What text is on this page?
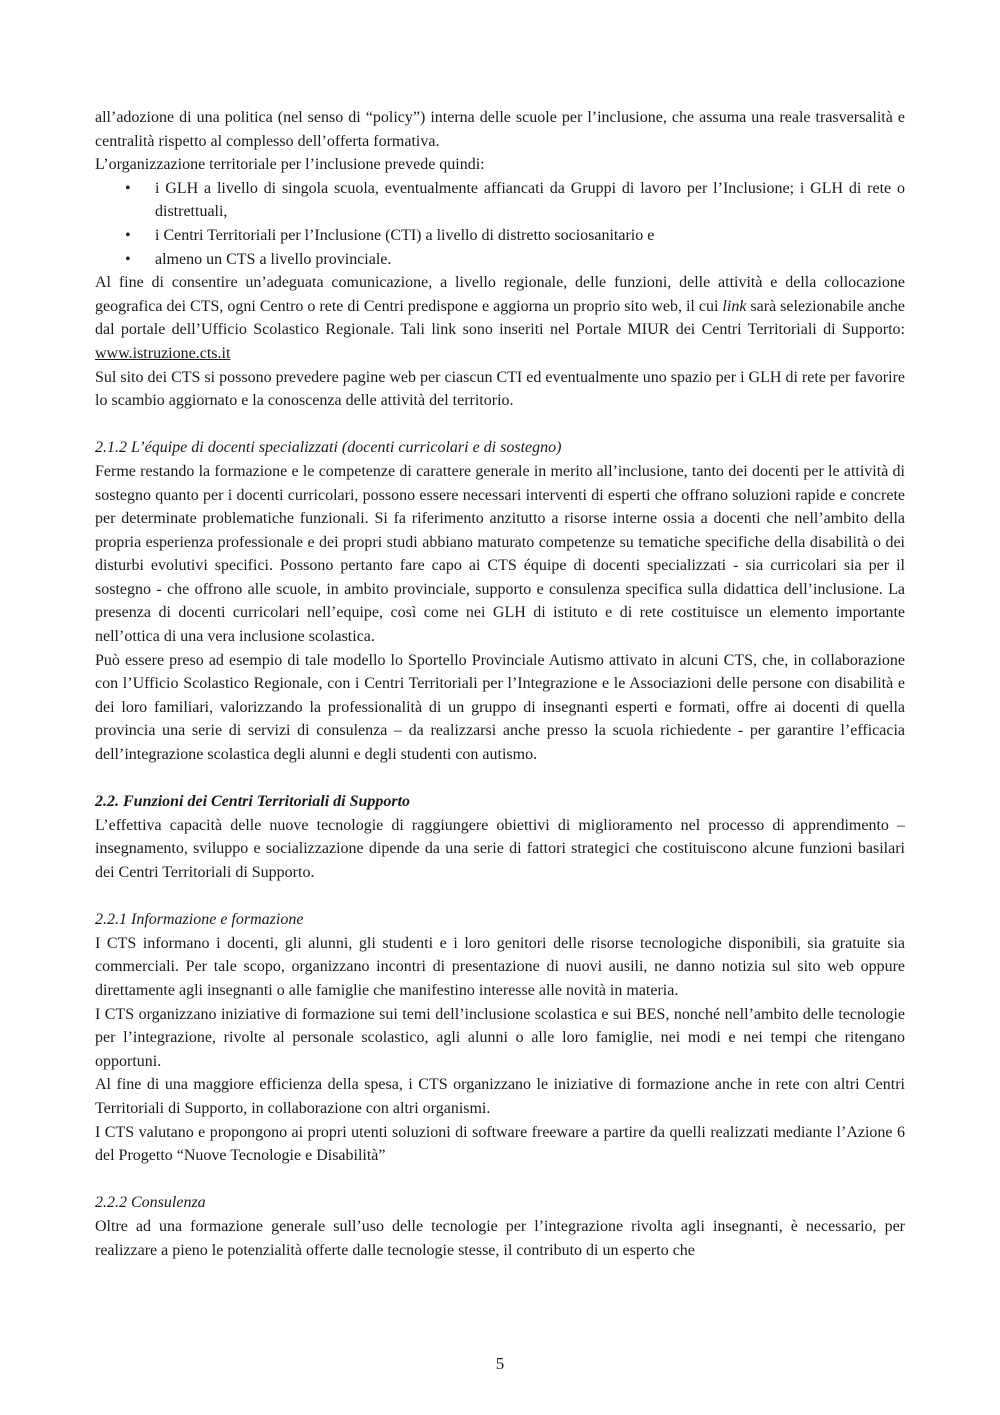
all’adozione di una politica (nel senso di “policy”) interna delle scuole per l’inclusione, che assuma una reale trasversalità e centralità rispetto al complesso dell’offerta formativa.

L’organizzazione territoriale per l’inclusione prevede quindi:

•	i GLH a livello di singola scuola, eventualmente affiancati da Gruppi di lavoro per l’Inclusione; i GLH di rete o distrettuali,
•	i Centri Territoriali per l’Inclusione (CTI) a livello di distretto sociosanitario e
•	almeno un CTS a livello provinciale.

Al fine di consentire un’adeguata comunicazione, a livello regionale, delle funzioni, delle attività e della collocazione geografica dei CTS, ogni Centro o rete di Centri predispone e aggiorna un proprio sito web, il cui link sarà selezionabile anche dal portale dell’Ufficio Scolastico Regionale. Tali link sono inseriti nel Portale MIUR dei Centri Territoriali di Supporto: www.istruzione.cts.it

Sul sito dei CTS si possono prevedere pagine web per ciascun CTI ed eventualmente uno spazio per i GLH di rete per favorire lo scambio aggiornato e la conoscenza delle attività del territorio.

2.1.2 L’équipe di docenti specializzati (docenti curricolari e di sostegno)

Ferme restando la formazione e le competenze di carattere generale in merito all’inclusione, tanto dei docenti per le attività di sostegno quanto per i docenti curricolari, possono essere necessari interventi di esperti che offrano soluzioni rapide e concrete per determinate problematiche funzionali. Si fa riferimento anzitutto a risorse interne ossia a docenti che nell’ambito della propria esperienza professionale e dei propri studi abbiano maturato competenze su tematiche specifiche della disabilità o dei disturbi evolutivi specifici. Possono pertanto fare capo ai CTS équipe di docenti specializzati - sia curricolari sia per il sostegno - che offrono alle scuole, in ambito provinciale, supporto e consulenza specifica sulla didattica dell’inclusione. La presenza di docenti curricolari nell’equipe, così come nei GLH di istituto e di rete costituisce un elemento importante nell’ottica di una vera inclusione scolastica.

Può essere preso ad esempio di tale modello lo Sportello Provinciale Autismo attivato in alcuni CTS, che, in collaborazione con l’Ufficio Scolastico Regionale, con i Centri Territoriali per l’Integrazione e le Associazioni delle persone con disabilità e dei loro familiari, valorizzando la professionalità di un gruppo di insegnanti esperti e formati, offre ai docenti di quella provincia una serie di servizi di consulenza – da realizzarsi anche presso la scuola richiedente - per garantire l’efficacia dell’integrazione scolastica degli alunni e degli studenti con autismo.

2.2. Funzioni dei Centri Territoriali di Supporto

L’effettiva capacità delle nuove tecnologie di raggiungere obiettivi di miglioramento nel processo di apprendimento – insegnamento, sviluppo e socializzazione dipende da una serie di fattori strategici che costituiscono alcune funzioni basilari dei Centri Territoriali di Supporto.

2.2.1 Informazione e formazione

I CTS informano i docenti, gli alunni, gli studenti e i loro genitori delle risorse tecnologiche disponibili, sia gratuite sia commerciali. Per tale scopo, organizzano incontri di presentazione di nuovi ausili, ne danno notizia sul sito web oppure direttamente agli insegnanti o alle famiglie che manifestino interesse alle novità in materia.

I CTS organizzano iniziative di formazione sui temi dell’inclusione scolastica e sui BES, nonché nell’ambito delle tecnologie per l’integrazione, rivolte al personale scolastico, agli alunni o alle loro famiglie, nei modi e nei tempi che ritengano opportuni.

Al fine di una maggiore efficienza della spesa, i CTS organizzano le iniziative di formazione anche in rete con altri Centri Territoriali di Supporto, in collaborazione con altri organismi.

I CTS valutano e propongono ai propri utenti soluzioni di software freeware a partire da quelli realizzati mediante l’Azione 6 del Progetto “Nuove Tecnologie e Disabilità”

2.2.2 Consulenza

Oltre ad una formazione generale sull’uso delle tecnologie per l’integrazione rivolta agli insegnanti, è necessario, per realizzare a pieno le potenzialità offerte dalle tecnologie stesse, il contributo di un esperto che

5
